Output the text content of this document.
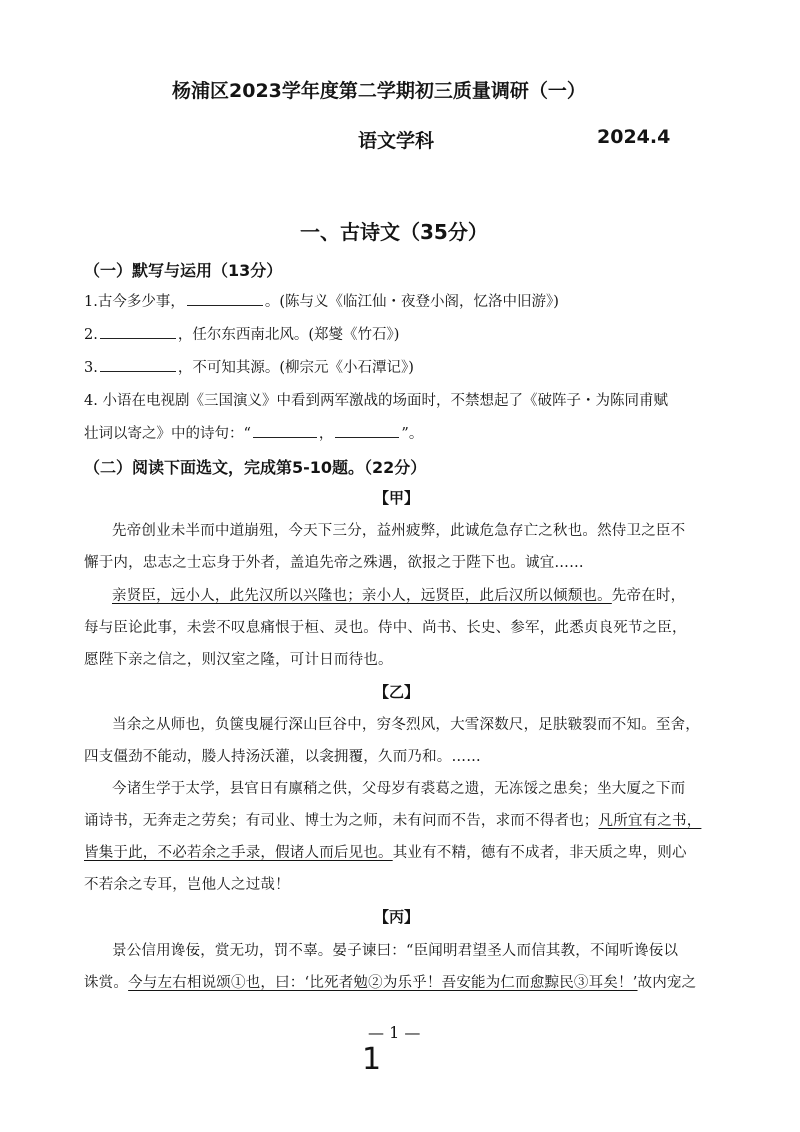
杨浦区2023学年度第二学期初三质量调研（一）
语文学科	2024.4
一、古诗文（35分）
（一）默写与运用（13分）
1.古今多少事，	。(陈与义《临江仙・夜登小阁，忆洛中旧游》)
2.	，任尔东西南北风。(郑燮《竹石》)
3.	，不可知其源。(柳宗元《小石潭记》)
4. 小语在电视剧《三国演义》中看到两军激战的场面时，不禁想起了《破阵子・为陈同甫赋
壮词以寄之》中的诗句：“	，	”。
（二）阅读下面选文，完成第5-10题。（22分）
【甲】
先帝创业未半而中道崩殂，今天下三分，益州疲弊，此诚危急存亡之秋也。然侍卫之臣不
懈于内，忠志之士忘身于外者，盖追先帝之殊遇，欲报之于陛下也。诚宜……
亲贤臣，远小人，此先汉所以兴隆也；亲小人，远贤臣，此后汉所以倾颓也。先帝在时，
每与臣论此事，未尝不叹息痛恨于桓、灵也。侍中、尚书、长史、参军，此悉贞良死节之臣，
愿陛下亲之信之，则汉室之隆，可计日而待也。
【乙】
当余之从师也，负箧曳屣行深山巨谷中，穷冬烈风，大雪深数尺，足肤皲裂而不知。至舍，
四支僵劲不能动，媵人持汤沃灌，以衾拥覆，久而乃和。……
今诸生学于太学，县官日有廪稍之供，父母岁有裘葛之遗，无冻馁之患矣；坐大厦之下而
诵诗书，无奔走之劳矣；有司业、博士为之师，未有问而不告，求而不得者也；凡所宜有之书，
皆集于此，不必若余之手录，假诸人而后见也。其业有不精，德有不成者，非天质之卑，则心
不若余之专耳，岂他人之过哉！
【丙】
景公信用谗佞，赏无功，罚不辜。晏子谏曰：“臣闻明君望圣人而信其教，不闻听谗佞以
诛赏。今与左右相说颂①也，曰：‘比死者勉②为乐乎！吾安能为仁而愈黥民③耳矣！’故内宠之
— 1 —
1
